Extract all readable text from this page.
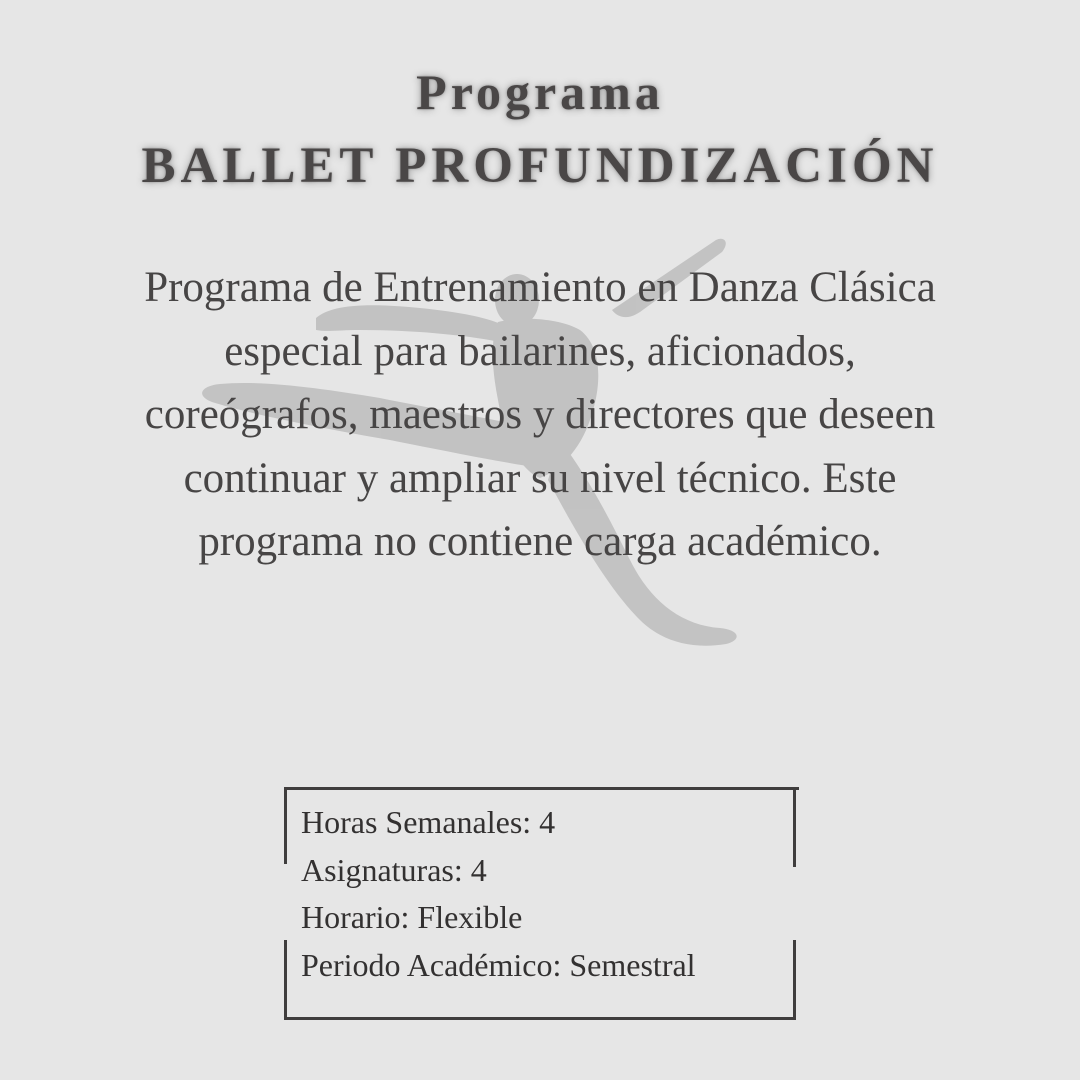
Programa
BALLET PROFUNDIZACIÓN
Programa de Entrenamiento en Danza Clásica
especial para bailarines, aficionados,
coreógrafos, maestros y directores que deseen
continuar y ampliar su nivel técnico. Este
programa no contiene carga académico.
Horas Semanales: 4
Asignaturas: 4
Horario: Flexible
Periodo Académico: Semestral
